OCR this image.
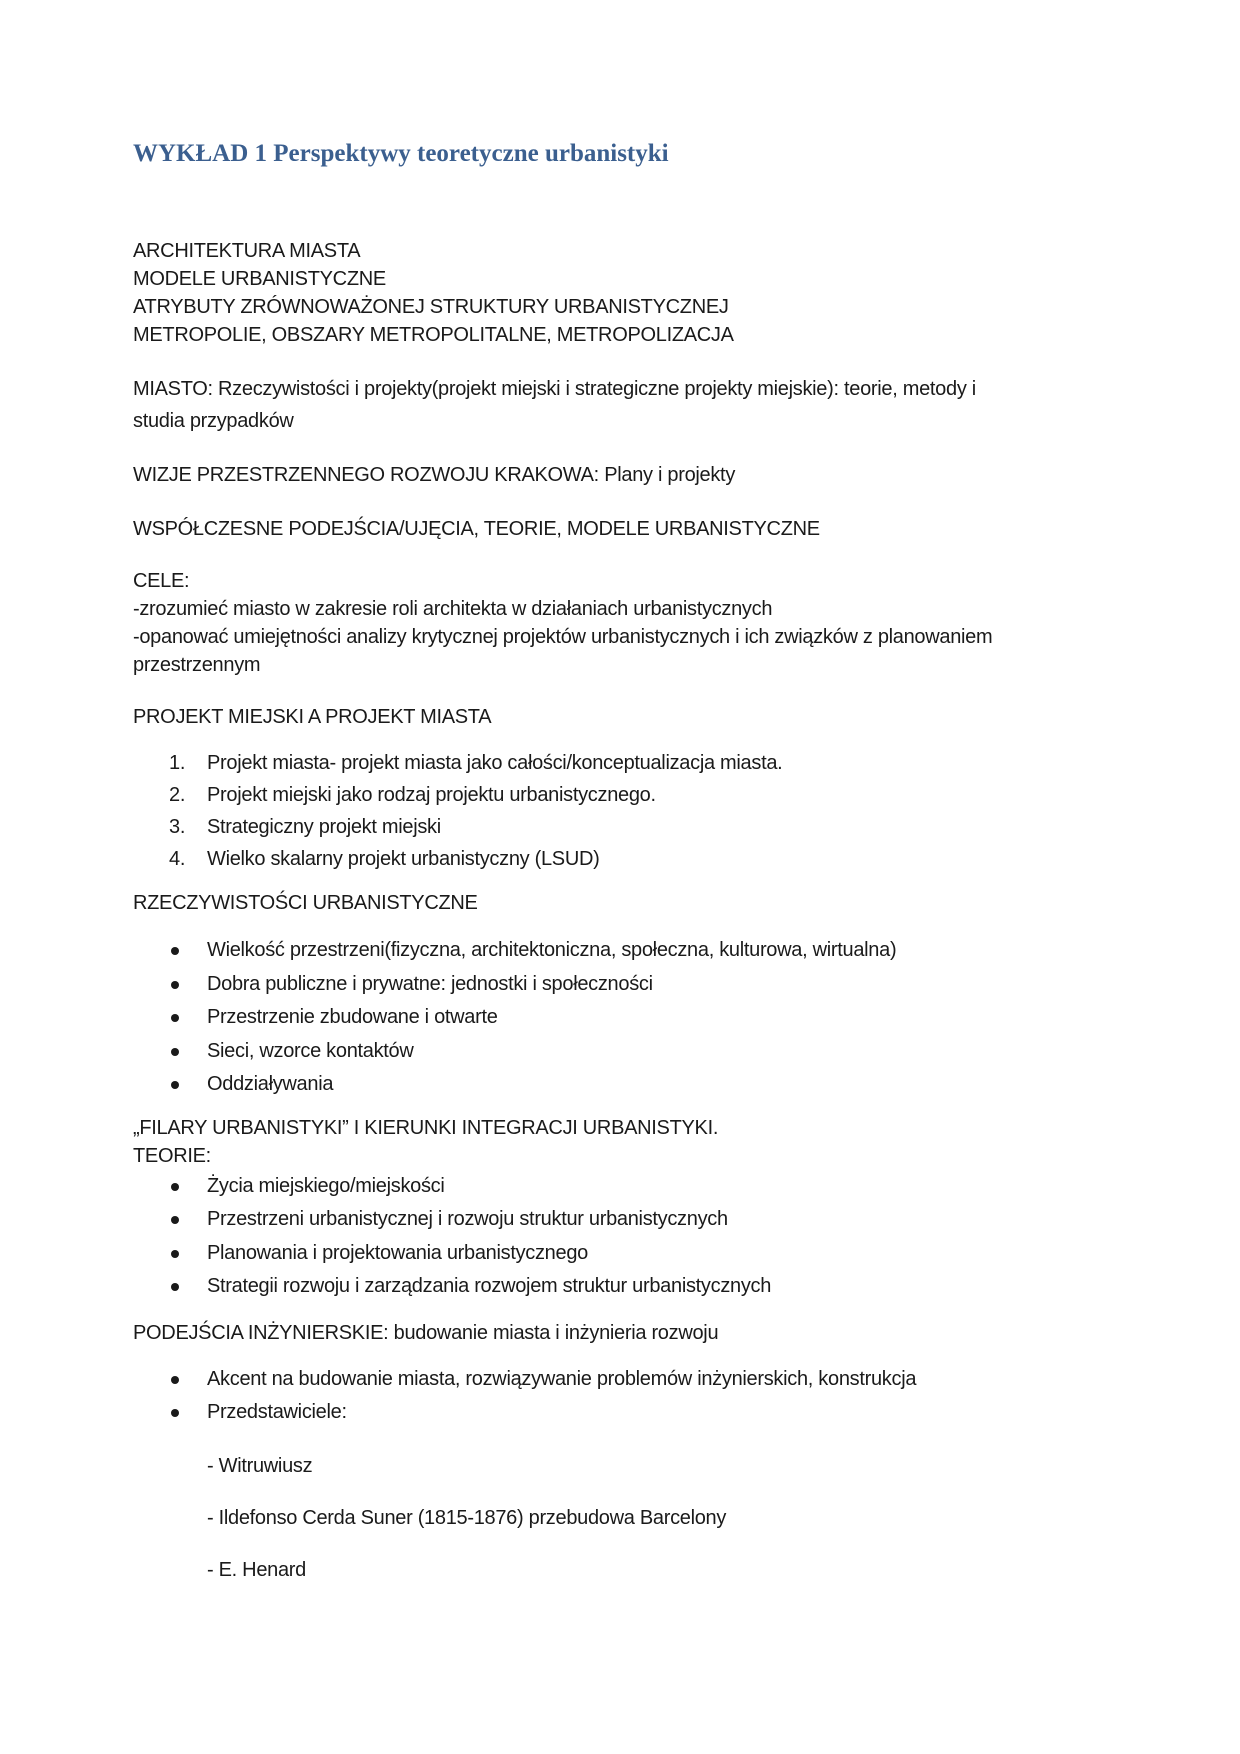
WYKŁAD 1 Perspektywy teoretyczne urbanistyki

ARCHITEKTURA MIASTA

MODELE URBANISTYCZNE

ATRYBUTY ZRÓWNOWAŻONEJ STRUKTURY URBANISTYCZNEJ

METROPOLIE, OBSZARY METROPOLITALNE, METROPOLIZACJA

MIASTO: Rzeczywistości i projekty(projekt miejski i strategiczne projekty miejskie): teorie, metody i

studia przypadków

WIZJE PRZESTRZENNEGO ROZWOJU KRAKOWA: Plany i projekty

WSPÓŁCZESNE PODEJŚCIA/UJĘCIA, TEORIE, MODELE URBANISTYCZNE

CELE:

-zrozumieć miasto w zakresie roli architekta w działaniach urbanistycznych

-opanować umiejętności analizy krytycznej projektów urbanistycznych i ich związków z planowaniem

przestrzennym

PROJEKT MIEJSKI A PROJEKT MIASTA

1. Projekt miasta- projekt miasta jako całości/konceptualizacja miasta.
2. Projekt miejski jako rodzaj projektu urbanistycznego.
3. Strategiczny projekt miejski
4. Wielko skalarny projekt urbanistyczny (LSUD)

RZECZYWISTOŚCI URBANISTYCZNE

Wielkość przestrzeni(fizyczna, architektoniczna, społeczna, kulturowa, wirtualna)
Dobra publiczne i prywatne: jednostki i społeczności
Przestrzenie zbudowane i otwarte
Sieci, wzorce kontaktów
Oddziaływania

„FILARY URBANISTYKI” I KIERUNKI INTEGRACJI URBANISTYKI.

TEORIE:

Życia miejskiego/miejskości
Przestrzeni urbanistycznej i rozwoju struktur urbanistycznych
Planowania i projektowania urbanistycznego
Strategii rozwoju i zarządzania rozwojem struktur urbanistycznych

PODEJŚCIA INŻYNIERSKIE: budowanie miasta i inżynieria rozwoju

Akcent na budowanie miasta, rozwiązywanie problemów inżynierskich, konstrukcja
Przedstawiciele:

- Witruwiusz

- Ildefonso Cerda Suner (1815-1876) przebudowa Barcelony

- E. Henard
